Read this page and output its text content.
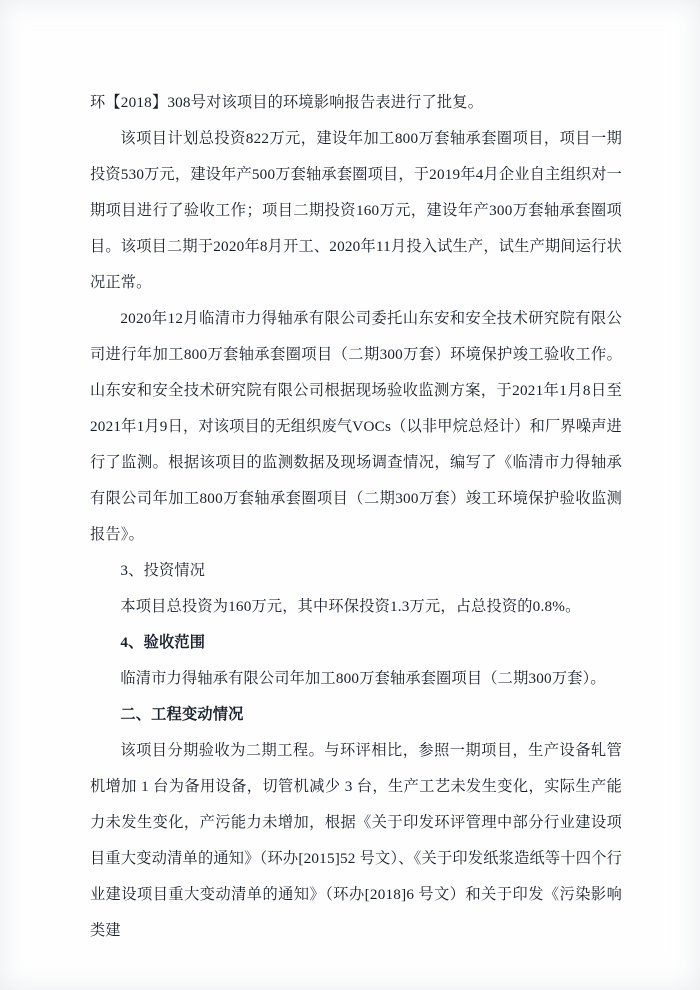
环【2018】308号对该项目的环境影响报告表进行了批复。

该项目计划总投资822万元，建设年加工800万套轴承套圈项目，项目一期投资530万元，建设年产500万套轴承套圈项目，于2019年4月企业自主组织对一期项目进行了验收工作；项目二期投资160万元，建设年产300万套轴承套圈项目。该项目二期于2020年8月开工、2020年11月投入试生产，试生产期间运行状况正常。

2020年12月临清市力得轴承有限公司委托山东安和安全技术研究院有限公司进行年加工800万套轴承套圈项目（二期300万套）环境保护竣工验收工作。山东安和安全技术研究院有限公司根据现场验收监测方案，于2021年1月8日至2021年1月9日，对该项目的无组织废气VOCs（以非甲烷总烃计）和厂界噪声进行了监测。根据该项目的监测数据及现场调查情况，编写了《临清市力得轴承有限公司年加工800万套轴承套圈项目（二期300万套）竣工环境保护验收监测报告》。

3、投资情况

本项目总投资为160万元，其中环保投资1.3万元，占总投资的0.8%。

4、验收范围

临清市力得轴承有限公司年加工800万套轴承套圈项目（二期300万套）。

二、工程变动情况

该项目分期验收为二期工程。与环评相比，参照一期项目，生产设备轧管机增加 1 台为备用设备，切管机减少 3 台，生产工艺未发生变化，实际生产能力未发生变化，产污能力未增加，根据《关于印发环评管理中部分行业建设项目重大变动清单的通知》（环办[2015]52 号文）、《关于印发纸浆造纸等十四个行业建设项目重大变动清单的通知》（环办[2018]6 号文）和关于印发《污染影响类建
